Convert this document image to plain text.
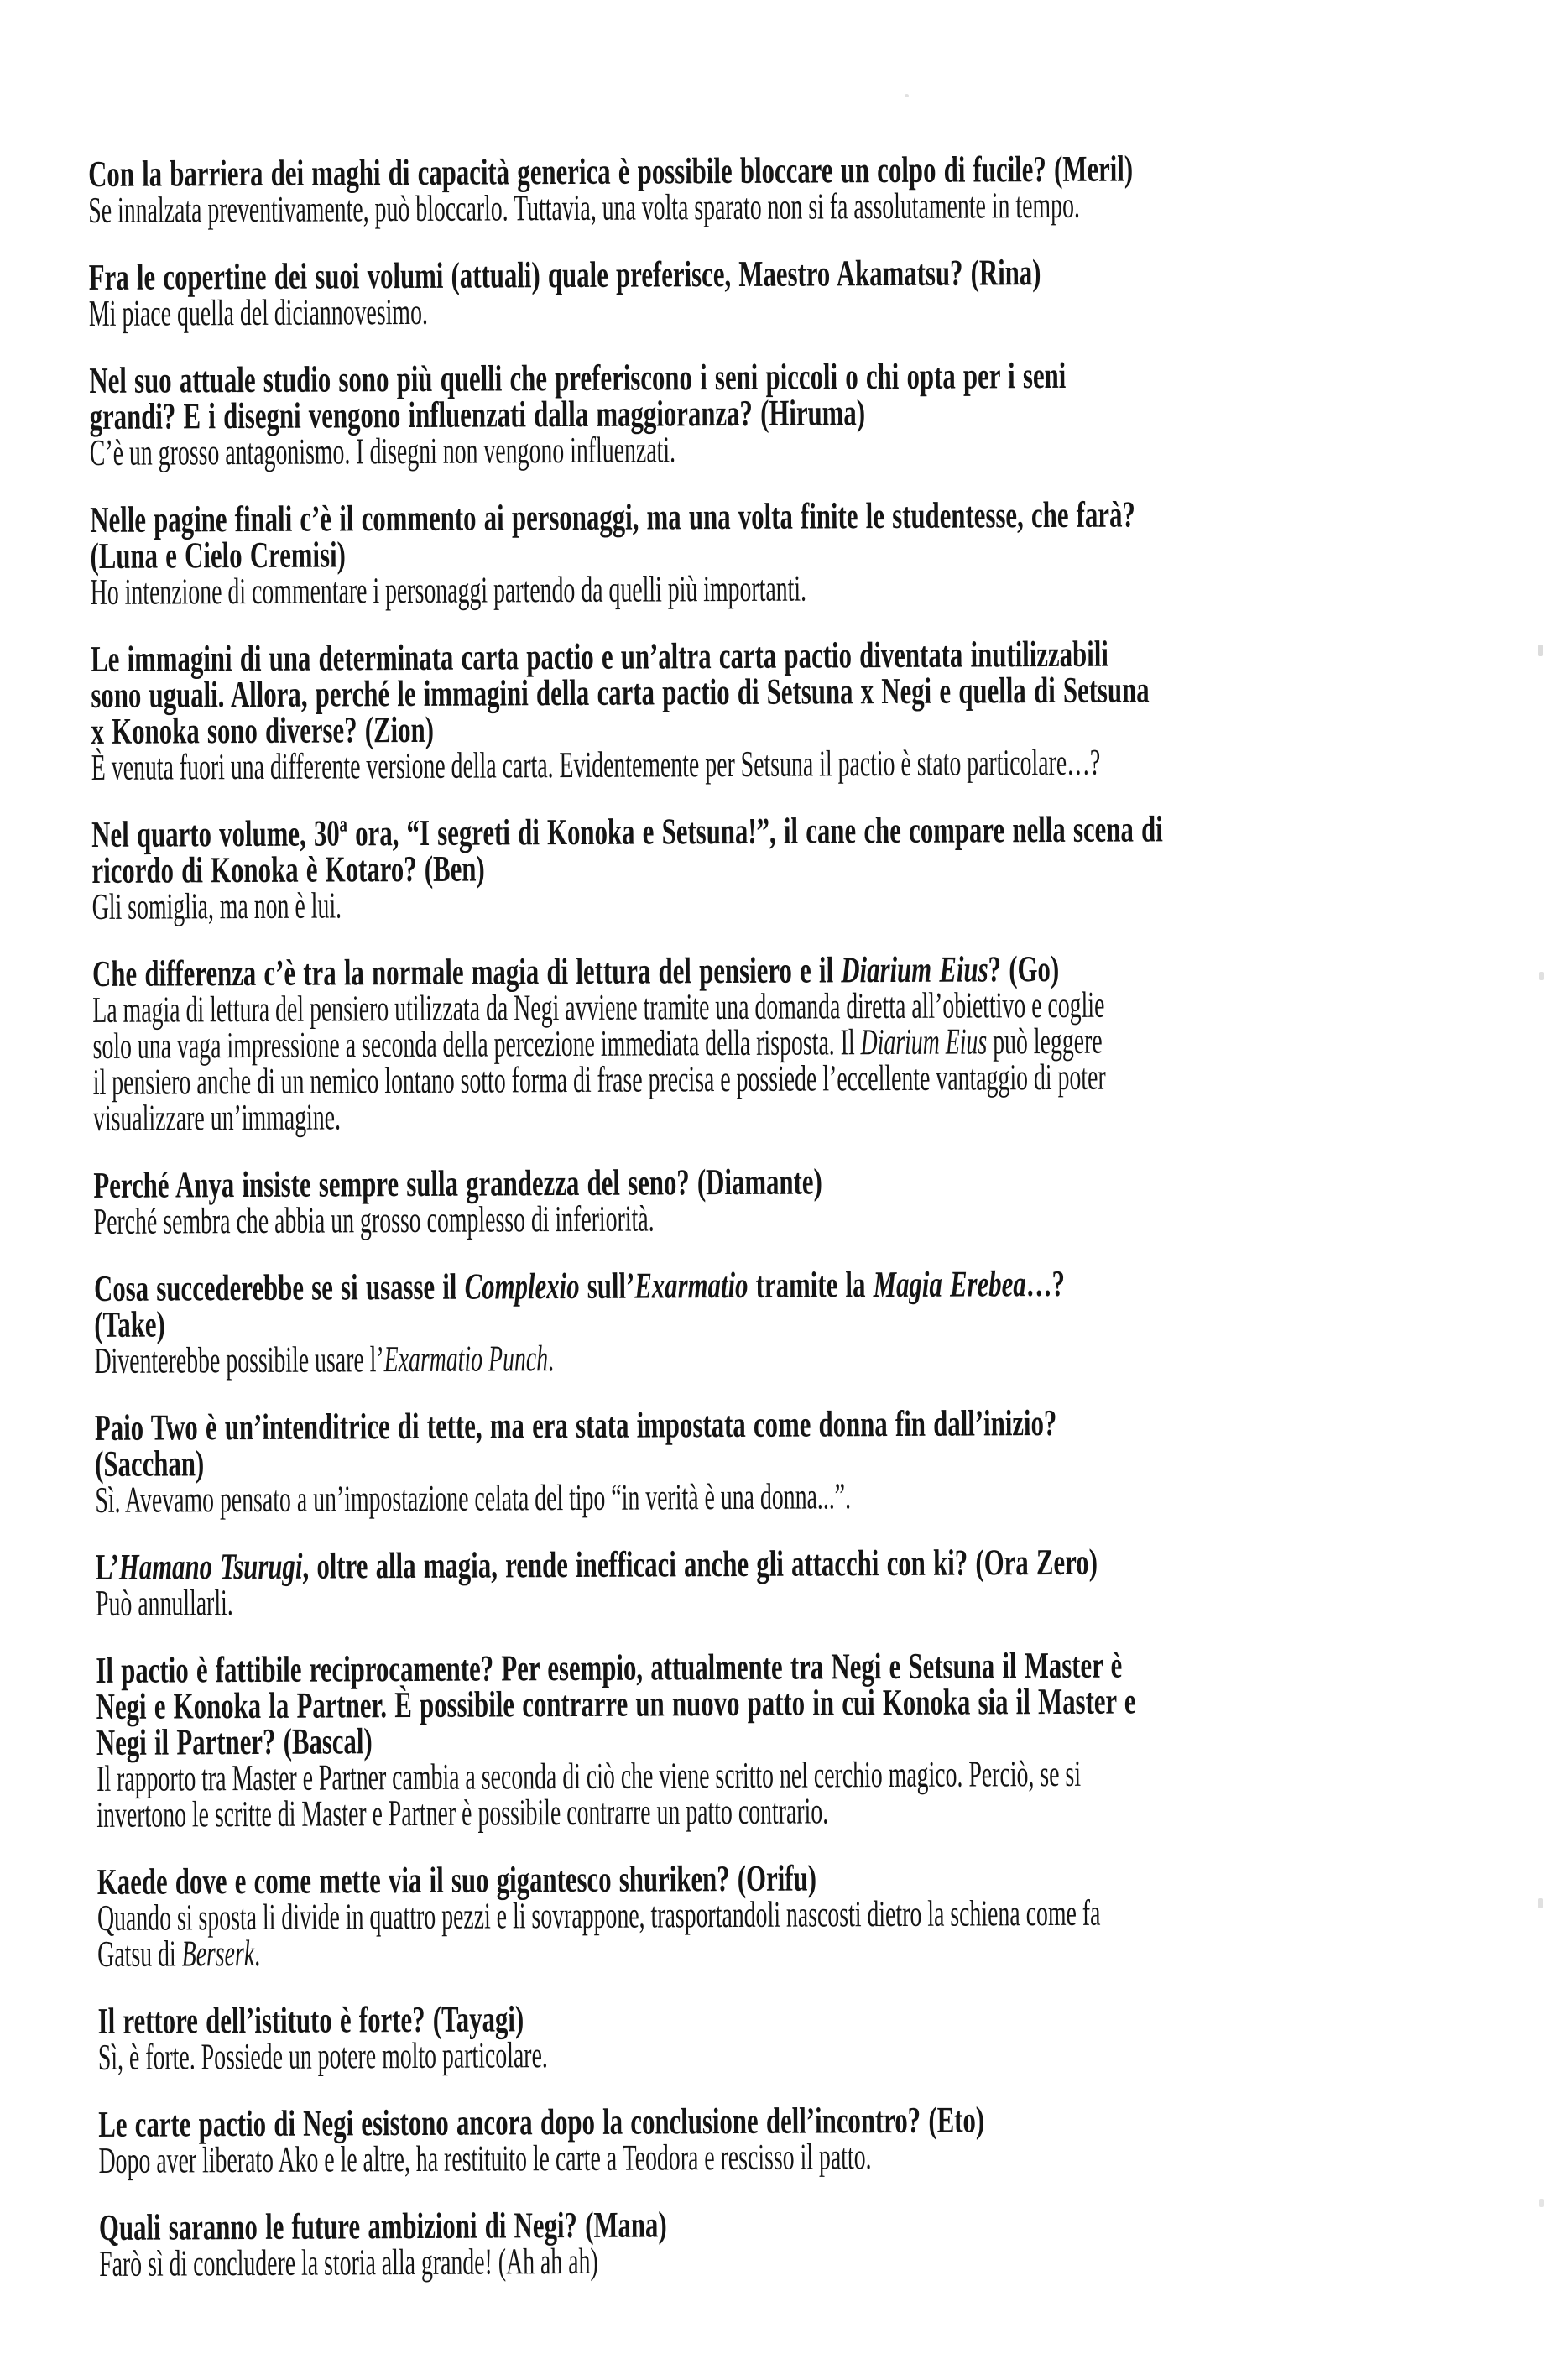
Con la barriera dei maghi di capacità generica è possibile bloccare un colpo di fucile? (Meril)
Se innalzata preventivamente, può bloccarlo. Tuttavia, una volta sparato non si fa assolutamente in tempo.
Fra le copertine dei suoi volumi (attuali) quale preferisce, Maestro Akamatsu? (Rina)
Mi piace quella del diciannovesimo.
Nel suo attuale studio sono più quelli che preferiscono i seni piccoli o chi opta per i seni
grandi? E i disegni vengono influenzati dalla maggioranza? (Hiruma)
C’è un grosso antagonismo. I disegni non vengono influenzati.
Nelle pagine finali c’è il commento ai personaggi, ma una volta finite le studentesse, che farà?
(Luna e Cielo Cremisi)
Ho intenzione di commentare i personaggi partendo da quelli più importanti.
Le immagini di una determinata carta pactio e un’altra carta pactio diventata inutilizzabili
sono uguali. Allora, perché le immagini della carta pactio di Setsuna x Negi e quella di Setsuna
x Konoka sono diverse? (Zion)
È venuta fuori una differente versione della carta. Evidentemente per Setsuna il pactio è stato particolare…?
Nel quarto volume, 30ª ora, “I segreti di Konoka e Setsuna!”, il cane che compare nella scena di
ricordo di Konoka è Kotaro? (Ben)
Gli somiglia, ma non è lui.
Che differenza c’è tra la normale magia di lettura del pensiero e il Diarium Eius? (Go)
La magia di lettura del pensiero utilizzata da Negi avviene tramite una domanda diretta all’obiettivo e coglie
solo una vaga impressione a seconda della percezione immediata della risposta. Il Diarium Eius può leggere
il pensiero anche di un nemico lontano sotto forma di frase precisa e possiede l’eccellente vantaggio di poter
visualizzare un’immagine.
Perché Anya insiste sempre sulla grandezza del seno? (Diamante)
Perché sembra che abbia un grosso complesso di inferiorità.
Cosa succederebbe se si usasse il Complexio sull’Exarmatio tramite la Magia Erebea…?
(Take)
Diventerebbe possibile usare l’Exarmatio Punch.
Paio Two è un’intenditrice di tette, ma era stata impostata come donna fin dall’inizio?
(Sacchan)
Sì. Avevamo pensato a un’impostazione celata del tipo “in verità è una donna...”.
L’Hamano Tsurugi, oltre alla magia, rende inefficaci anche gli attacchi con ki? (Ora Zero)
Può annullarli.
Il pactio è fattibile reciprocamente? Per esempio, attualmente tra Negi e Setsuna il Master è
Negi e Konoka la Partner. È possibile contrarre un nuovo patto in cui Konoka sia il Master e
Negi il Partner? (Bascal)
Il rapporto tra Master e Partner cambia a seconda di ciò che viene scritto nel cerchio magico. Perciò, se si
invertono le scritte di Master e Partner è possibile contrarre un patto contrario.
Kaede dove e come mette via il suo gigantesco shuriken? (Orifu)
Quando si sposta li divide in quattro pezzi e li sovrappone, trasportandoli nascosti dietro la schiena come fa
Gatsu di Berserk.
Il rettore dell’istituto è forte? (Tayagi)
Sì, è forte. Possiede un potere molto particolare.
Le carte pactio di Negi esistono ancora dopo la conclusione dell’incontro? (Eto)
Dopo aver liberato Ako e le altre, ha restituito le carte a Teodora e rescisso il patto.
Quali saranno le future ambizioni di Negi? (Mana)
Farò sì di concludere la storia alla grande! (Ah ah ah)
